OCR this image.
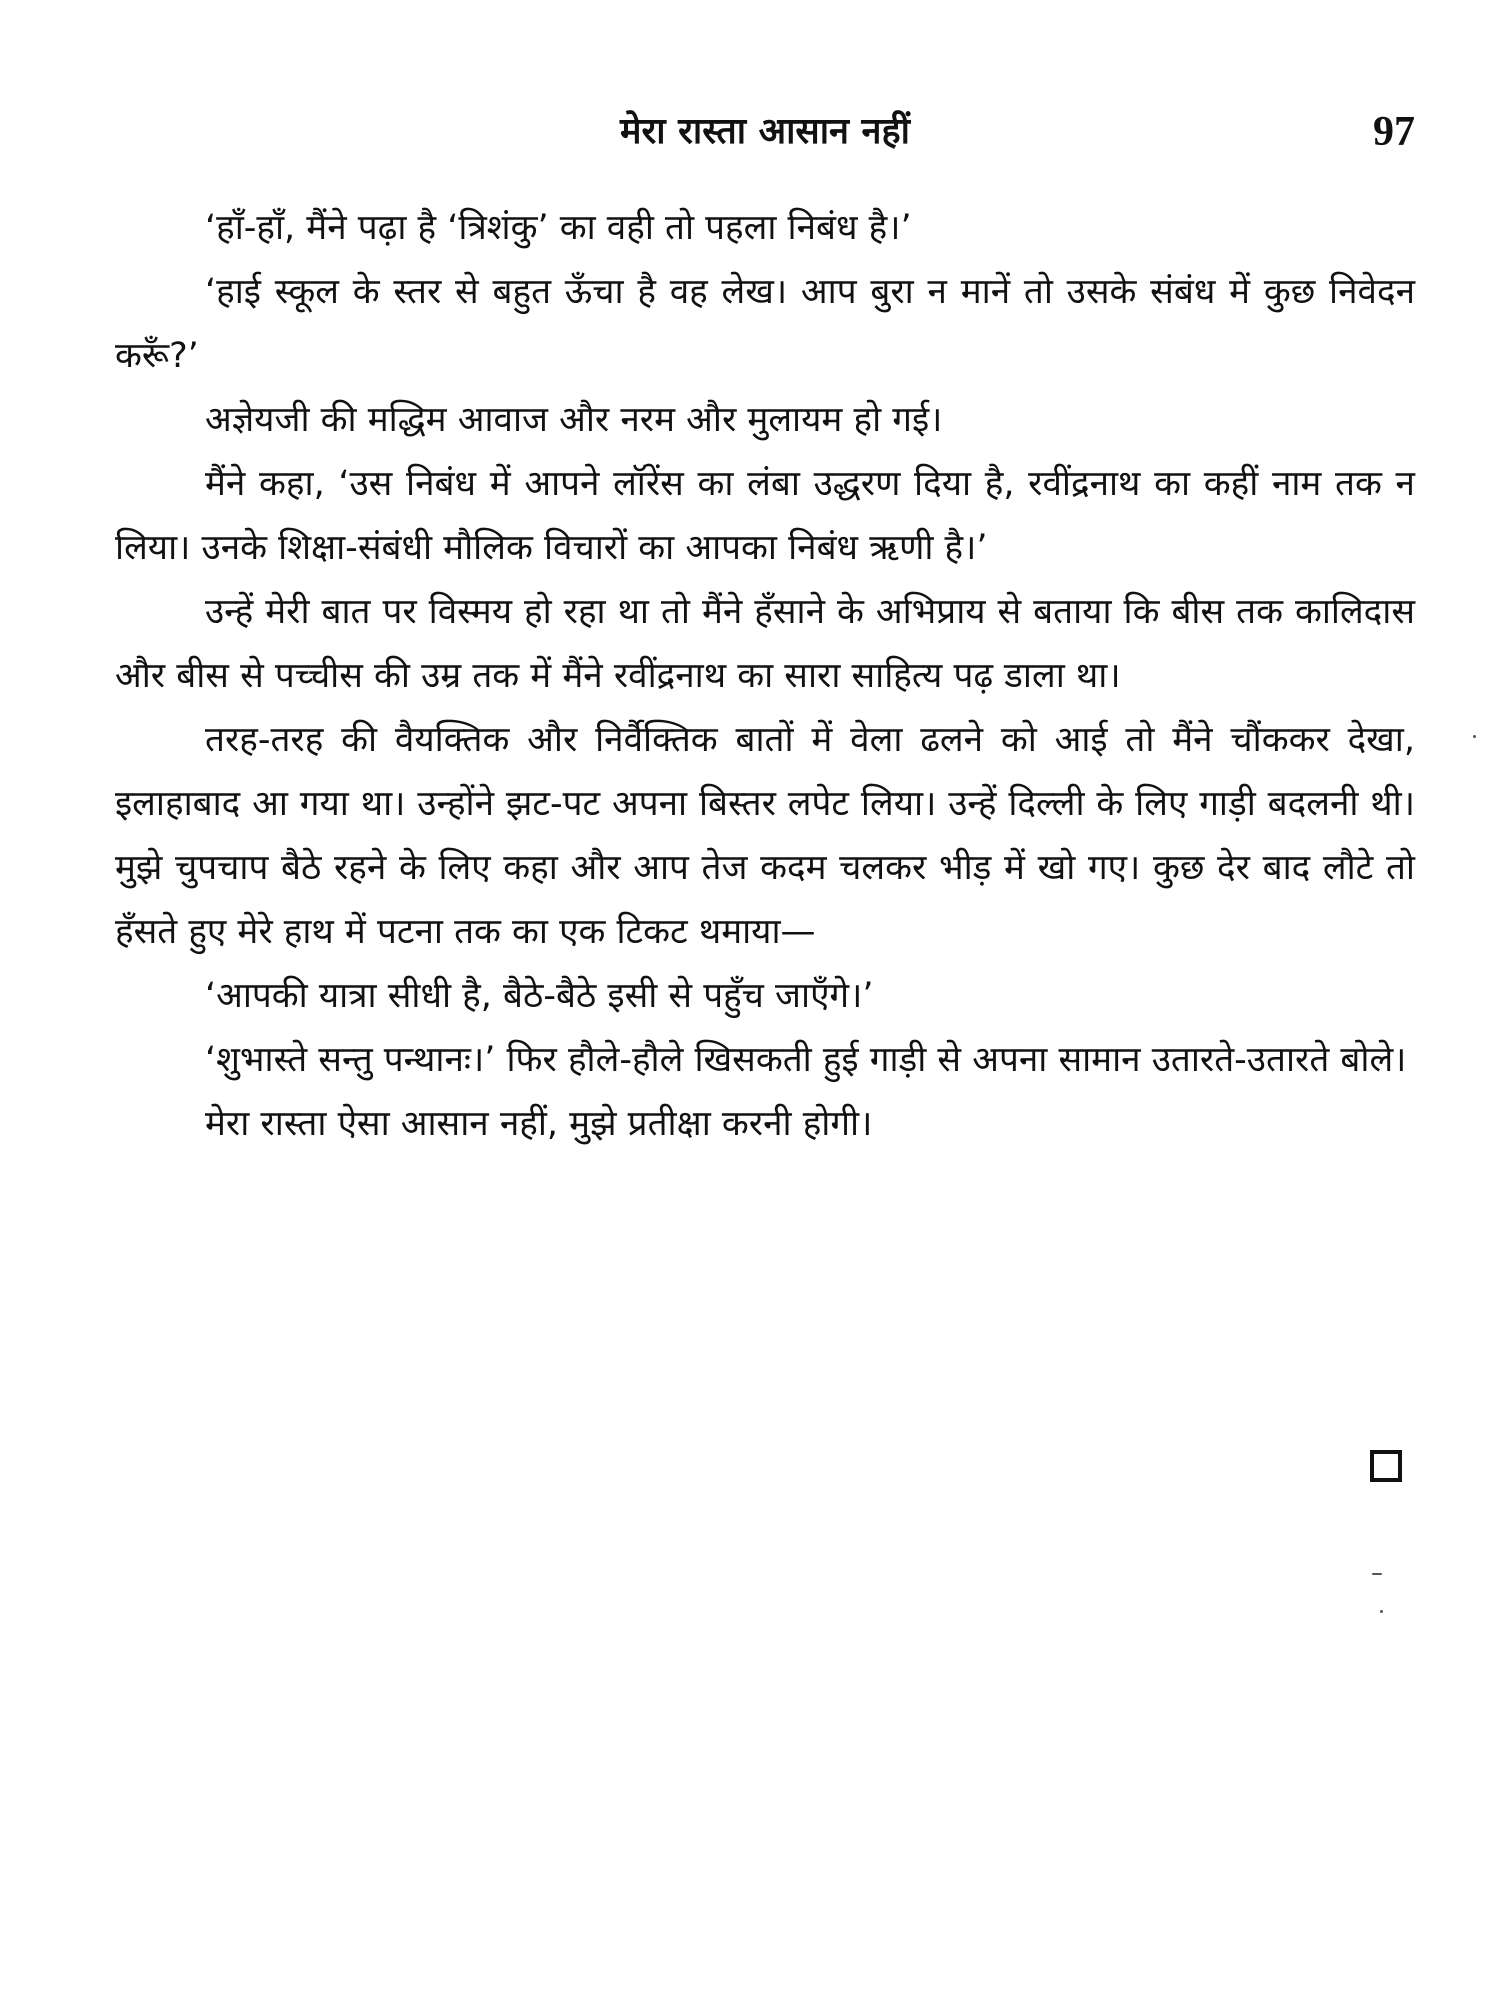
मेरा रास्ता आसान नहीं	97

‘हाँ-हाँ, मैंने पढ़ा है ‘त्रिशंकु’ का वही तो पहला निबंध है।’

‘हाई स्कूल के स्तर से बहुत ऊँचा है वह लेख। आप बुरा न मानें तो उसके संबंध में कुछ निवेदन करूँ?’

अज्ञेयजी की मद्धिम आवाज और नरम और मुलायम हो गई।

मैंने कहा, ‘उस निबंध में आपने लॉरेंस का लंबा उद्धरण दिया है, रवींद्रनाथ का कहीं नाम तक न लिया। उनके शिक्षा-संबंधी मौलिक विचारों का आपका निबंध ऋणी है।’

उन्हें मेरी बात पर विस्मय हो रहा था तो मैंने हँसाने के अभिप्राय से बताया कि बीस तक कालिदास और बीस से पच्चीस की उम्र तक में मैंने रवींद्रनाथ का सारा साहित्य पढ़ डाला था।

तरह-तरह की वैयक्तिक और निर्वैक्तिक बातों में वेला ढलने को आई तो मैंने चौंककर देखा, इलाहाबाद आ गया था। उन्होंने झट-पट अपना बिस्तर लपेट लिया। उन्हें दिल्ली के लिए गाड़ी बदलनी थी। मुझे चुपचाप बैठे रहने के लिए कहा और आप तेज कदम चलकर भीड़ में खो गए। कुछ देर बाद लौटे तो हँसते हुए मेरे हाथ में पटना तक का एक टिकट थमाया—

‘आपकी यात्रा सीधी है, बैठे-बैठे इसी से पहुँच जाएँगे।’

‘शुभास्ते सन्तु पन्थानः।’ फिर हौले-हौले खिसकती हुई गाड़ी से अपना सामान उतारते-उतारते बोले।

मेरा रास्ता ऐसा आसान नहीं, मुझे प्रतीक्षा करनी होगी।
